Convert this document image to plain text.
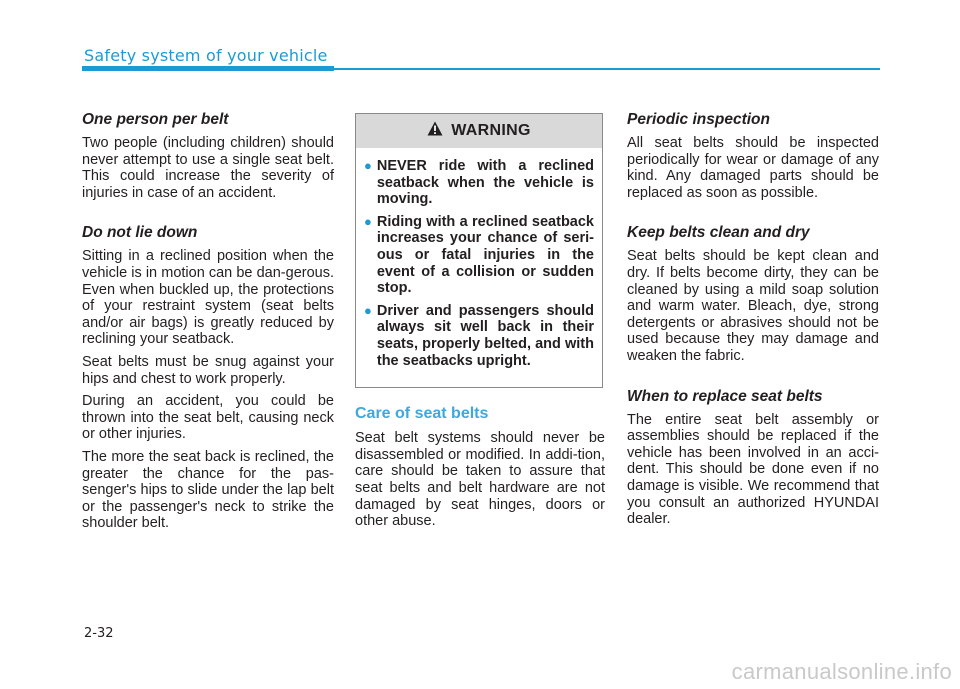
Safety system of your vehicle
One person per belt

Two people (including children) should never attempt to use a single seat belt. This could increase the severity of injuries in case of an accident.

Do not lie down

Sitting in a reclined position when the vehicle is in motion can be dan-gerous. Even when buckled up, the protections of your restraint system (seat belts and/or air bags) is greatly reduced by reclining your seatback.

Seat belts must be snug against your hips and chest to work properly.

During an accident, you could be thrown into the seat belt, causing neck or other injuries.

The more the seat back is reclined, the greater the chance for the pas-senger's hips to slide under the lap belt or the passenger's neck to strike the shoulder belt.

WARNING
● NEVER ride with a reclined seatback when the vehicle is moving.
● Riding with a reclined seatback increases your chance of seri-ous or fatal injuries in the event of a collision or sudden stop.
● Driver and passengers should always sit well back in their seats, properly belted, and with the seatbacks upright.
Care of seat belts

Seat belt systems should never be disassembled or modified. In addi-tion, care should be taken to assure that seat belts and belt hardware are not damaged by seat hinges, doors or other abuse.

Periodic inspection

All seat belts should be inspected periodically for wear or damage of any kind. Any damaged parts should be replaced as soon as possible.

Keep belts clean and dry

Seat belts should be kept clean and dry. If belts become dirty, they can be cleaned by using a mild soap solution and warm water. Bleach, dye, strong detergents or abrasives should not be used because they may damage and weaken the fabric.

When to replace seat belts

The entire seat belt assembly or assemblies should be replaced if the vehicle has been involved in an acci-dent. This should be done even if no damage is visible. We recommend that you consult an authorized HYUNDAI dealer.

2-32
carmanualsonline.info
